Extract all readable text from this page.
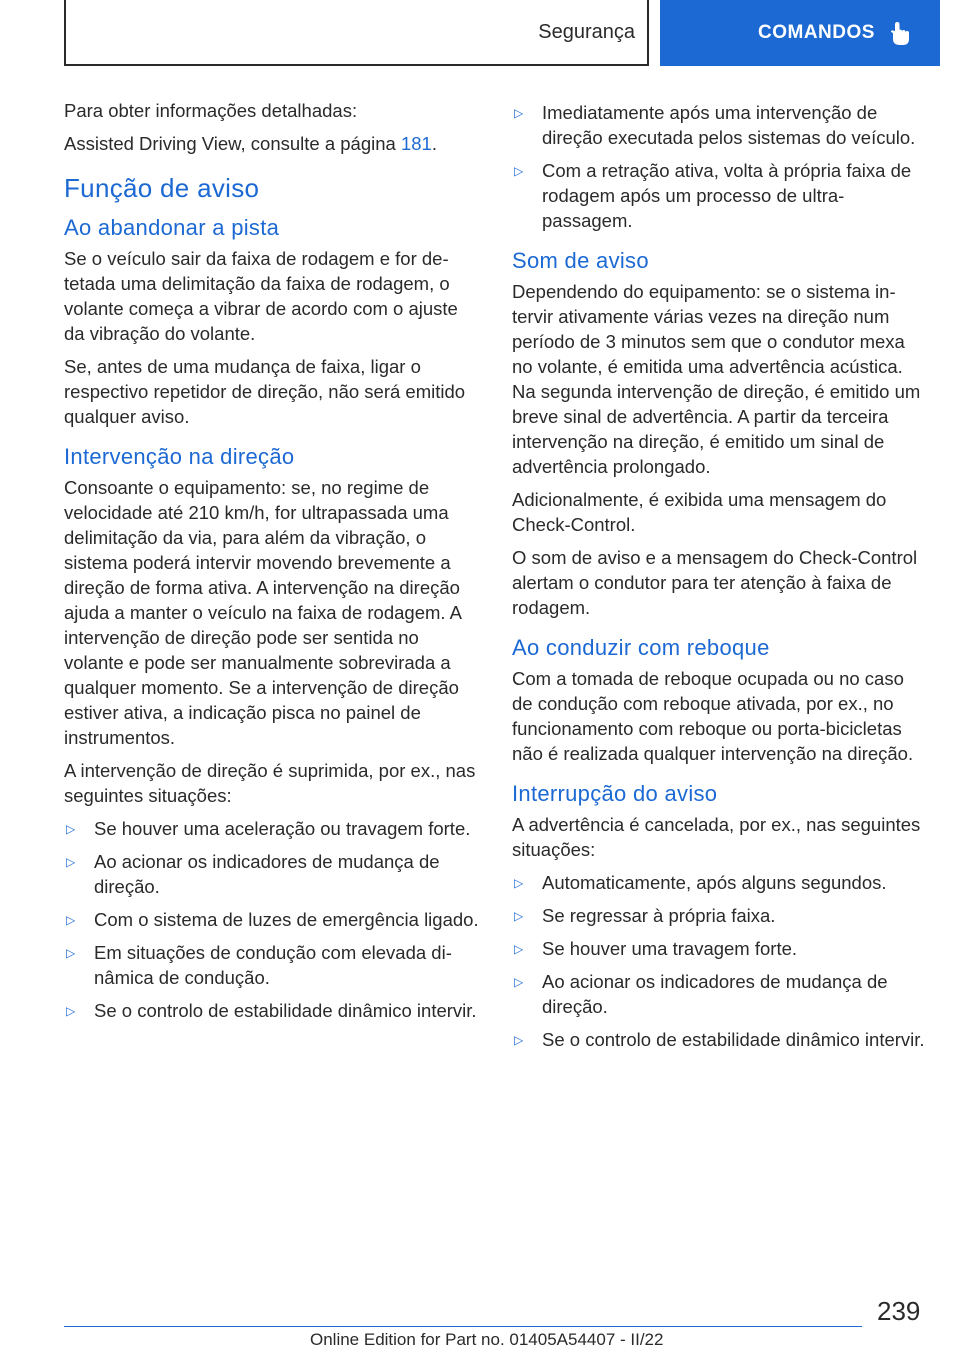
Segurança	COMANDOS

Para obter informações detalhadas:

Assisted Driving View, consulte a página 181.

Função de aviso
Ao abandonar a pista

Se o veículo sair da faixa de rodagem e for detetada uma delimitação da faixa de rodagem, o volante começa a vibrar de acordo com o ajuste da vibração do volante.

Se, antes de uma mudança de faixa, ligar o respectivo repetidor de direção, não será emitido qualquer aviso.

Intervenção na direção

Consoante o equipamento: se, no regime de velocidade até 210 km/h, for ultrapassada uma delimitação da via, para além da vibração, o sistema poderá intervir movendo brevemente a direção de forma ativa. A intervenção na direção ajuda a manter o veículo na faixa de rodagem. A intervenção de direção pode ser sentida no volante e pode ser manualmente sobrevirada a qualquer momento. Se a intervenção de direção estiver ativa, a indicação pisca no painel de instrumentos.

A intervenção de direção é suprimida, por ex., nas seguintes situações:

▷ Se houver uma aceleração ou travagem forte.
▷ Ao acionar os indicadores de mudança de direção.
▷ Com o sistema de luzes de emergência ligado.
▷ Em situações de condução com elevada dinâmica de condução.
▷ Se o controlo de estabilidade dinâmico intervir.
▷ Imediatamente após uma intervenção de direção executada pelos sistemas do veículo.
▷ Com a retração ativa, volta à própria faixa de rodagem após um processo de ultrapassagem.
Som de aviso

Dependendo do equipamento: se o sistema intervir ativamente várias vezes na direção num período de 3 minutos sem que o condutor mexa no volante, é emitida uma advertência acústica. Na segunda intervenção de direção, é emitido um breve sinal de advertência. A partir da terceira intervenção na direção, é emitido um sinal de advertência prolongado.

Adicionalmente, é exibida uma mensagem do Check-Control.

O som de aviso e a mensagem do Check-Control alertam o condutor para ter atenção à faixa de rodagem.

Ao conduzir com reboque

Com a tomada de reboque ocupada ou no caso de condução com reboque ativada, por ex., no funcionamento com reboque ou porta-bicicletas não é realizada qualquer intervenção na direção.

Interrupção do aviso

A advertência é cancelada, por ex., nas seguintes situações:

▷ Automaticamente, após alguns segundos.
▷ Se regressar à própria faixa.
▷ Se houver uma travagem forte.
▷ Ao acionar os indicadores de mudança de direção.
▷ Se o controlo de estabilidade dinâmico intervir.
239
Online Edition for Part no. 01405A54407 - II/22
